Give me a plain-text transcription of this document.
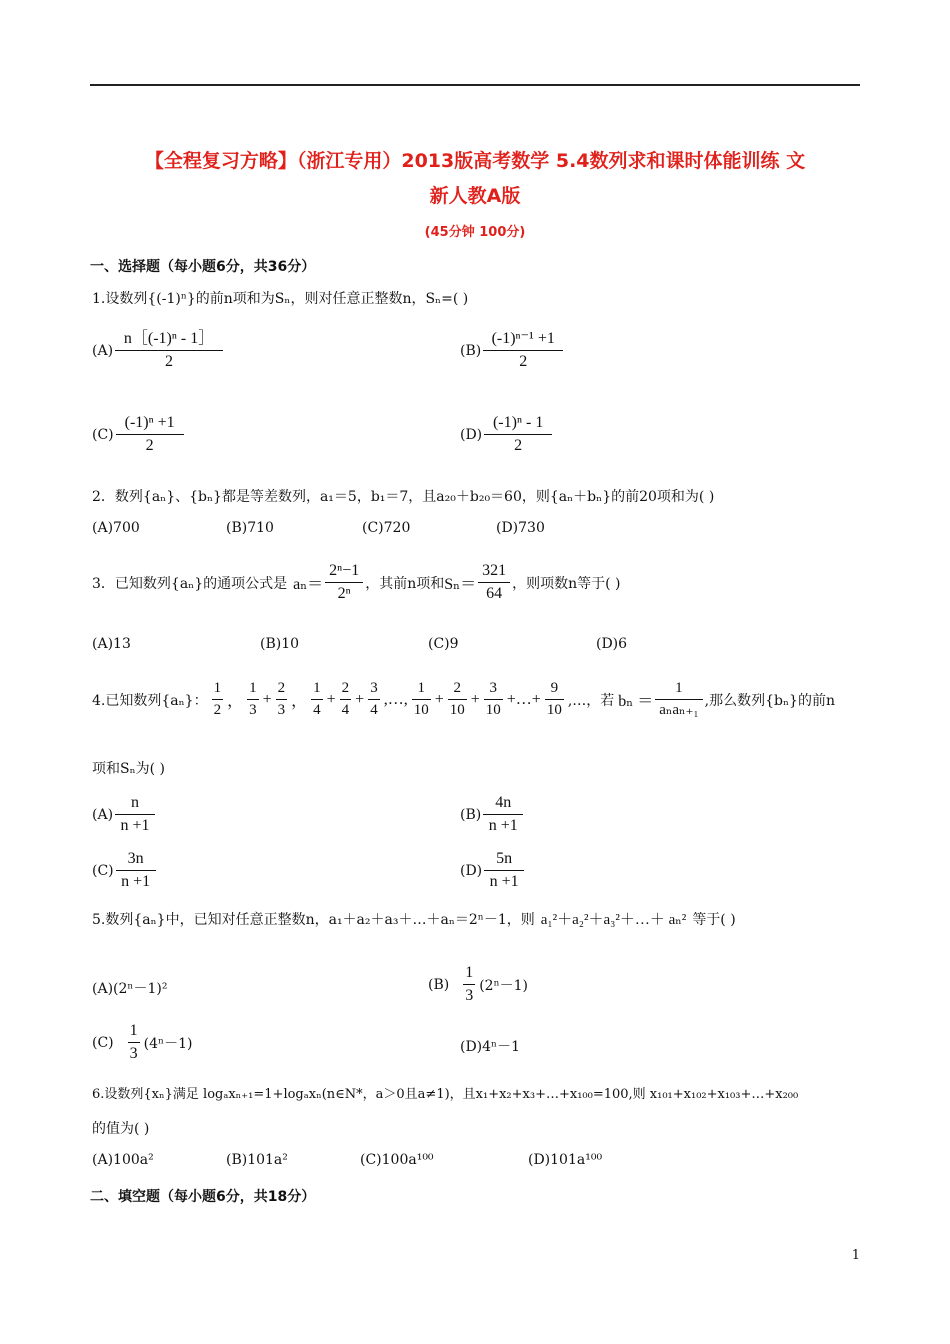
【全程复习方略】（浙江专用）2013版高考数学 5.4数列求和课时体能训练 文
新人教A版
(45分钟 100分)
一、选择题（每小题6分，共36分）
1.设数列{(-1)ⁿ}的前n项和为Sₙ，则对任意正整数n，Sₙ=( )
$(A) \frac{\text{n［(-1)ⁿ - 1］}}{2}$	$(B) \frac{\text{(-1)ⁿ⁻¹ +1}}{2}$
$(C) \frac{\text{(-1)ⁿ +1}}{2}$	$(D) \frac{\text{(-1)ⁿ - 1}}{2}$
2．数列{aₙ}、{bₙ}都是等差数列，a₁＝5，b₁＝7，且a₂₀＋b₂₀＝60，则{aₙ＋bₙ}的前20项和为( )
(A)700	(B)710	(C)720	(D)730
3．已知数列{aₙ}的通项公式是 $a_n= \frac{\text{2ⁿ−1}}{\text{2ⁿ}}$ ，其前n项和 $S_n= \frac{321}{64}$ ，则项数n等于( )
(A)13	(B)10	(C)9	(D)6
4.已知数列{aₙ}： $\frac{1}{2}$ ， $\frac{1}{3} + \frac{2}{3}$ ， $\frac{1}{4} + \frac{2}{4} + \frac{3}{4}$ ,…, $\frac{1}{10} + \frac{2}{10} + \frac{3}{10}$ +…+ $\frac{9}{10}$ ,…，若 $b_n = \frac{1}{\text{aₙaₙ₊₁}}$ ,那么数列{bₙ}的前n
项和Sₙ为( )
$(A) \frac{n}{n +1}$	$(B) \frac{4n}{n +1}$
$(C) \frac{3n}{n +1}$	$(D) \frac{5n}{n +1}$
5.数列{aₙ}中，已知对任意正整数n，a₁＋a₂＋a₃＋…＋aₙ＝2ⁿ－1，则 a₁²＋a₂²＋a₃²＋…＋ aₙ² 等于( )
(A)(2ⁿ－1)²	$(B) \frac{1}{3} (2^n-1)$
$(C) \frac{1}{3} (4^n-1)$	(D)4ⁿ－1
6.设数列{xₙ}满足 logₐxₙ₊₁=1+logₐxₙ(n∈N*，a＞0且a≠1)，且x₁+x₂+x₃+…+x₁₀₀=100,则 x₁₀₁+x₁₀₂+x₁₀₃+…+x₂₀₀
的值为( )
(A)100a²	(B)101a²	(C)100a¹⁰⁰	(D)101a¹⁰⁰
二、填空题（每小题6分，共18分）
1
